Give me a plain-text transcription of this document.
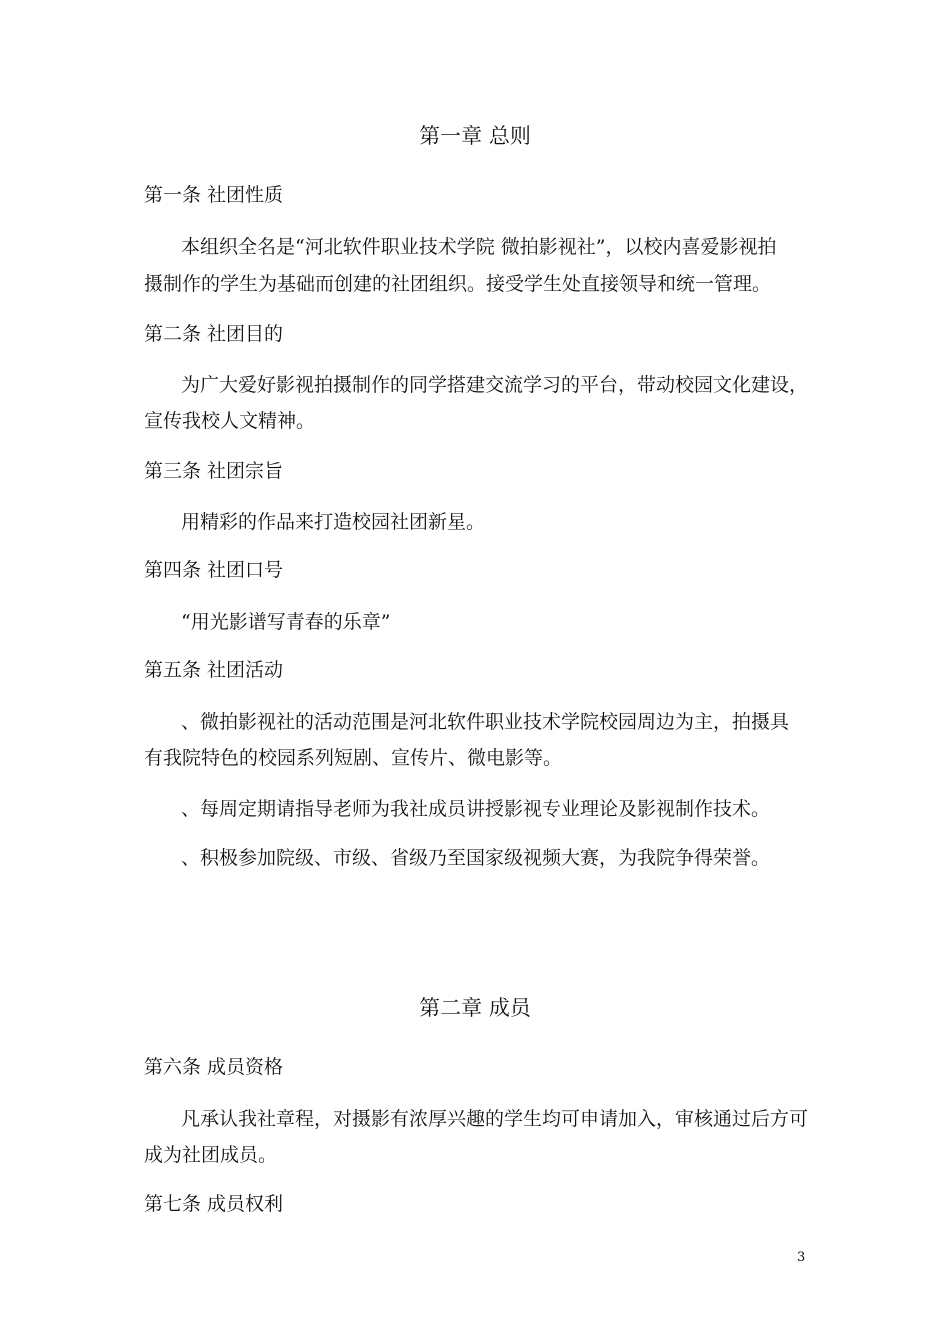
第一章 总则
第一条 社团性质
本组织全名是“河北软件职业技术学院 微拍影视社”，以校内喜爱影视拍
摄制作的学生为基础而创建的社团组织。接受学生处直接领导和统一管理。
第二条 社团目的
为广大爱好影视拍摄制作的同学搭建交流学习的平台，带动校园文化建设，
宣传我校人文精神。
第三条 社团宗旨
用精彩的作品来打造校园社团新星。
第四条 社团口号
“用光影谱写青春的乐章”
第五条 社团活动
、微拍影视社的活动范围是河北软件职业技术学院校园周边为主，拍摄具
有我院特色的校园系列短剧、宣传片、微电影等。
、每周定期请指导老师为我社成员讲授影视专业理论及影视制作技术。
、积极参加院级、市级、省级乃至国家级视频大赛，为我院争得荣誉。
第二章 成员
第六条 成员资格
凡承认我社章程，对摄影有浓厚兴趣的学生均可申请加入，审核通过后方可
成为社团成员。
第七条 成员权利
3
